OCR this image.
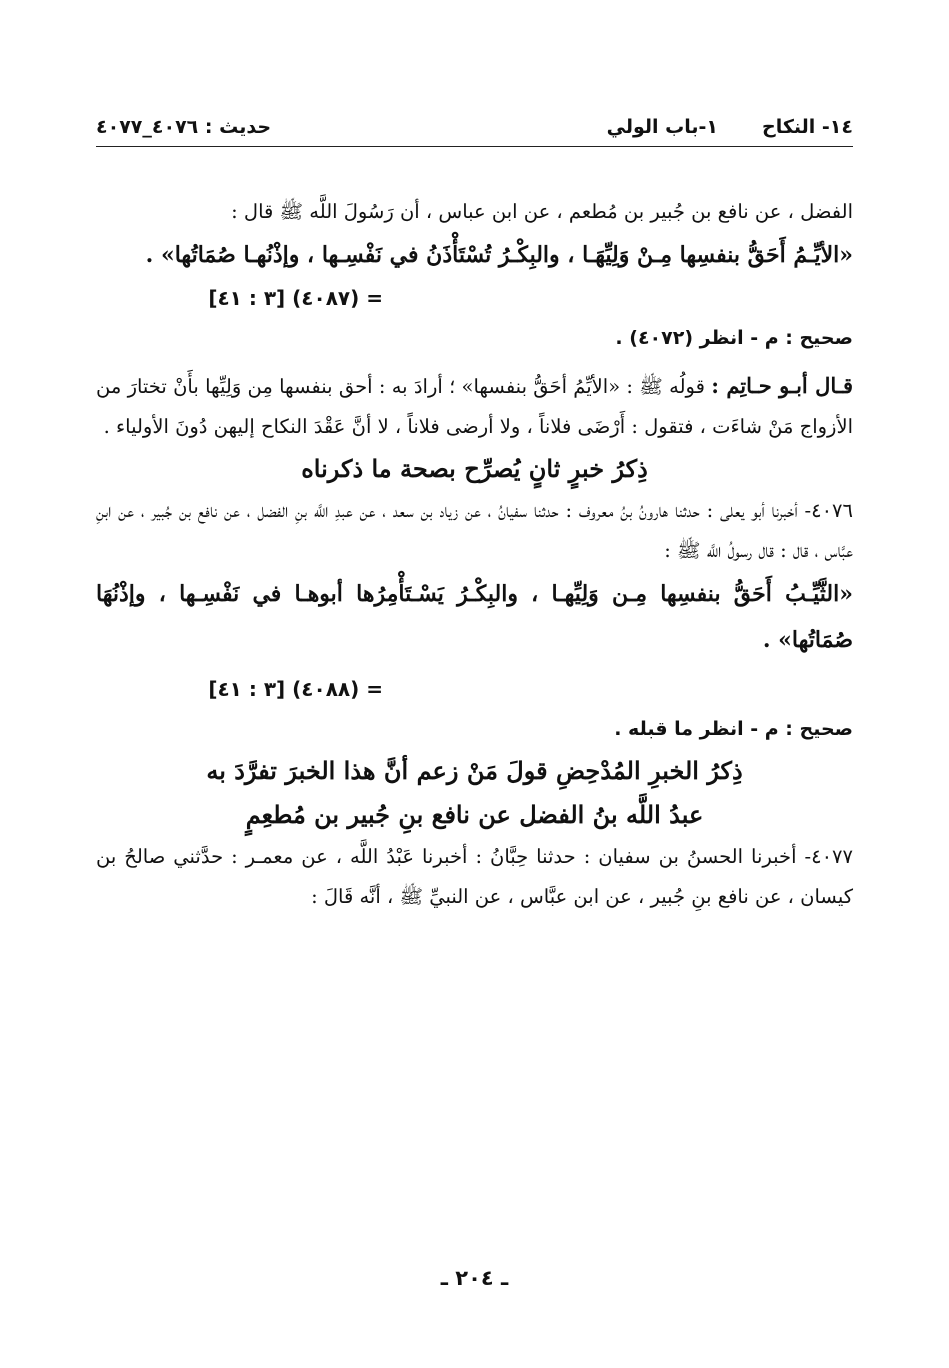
١٤- النكاح١-باب الولي
حديث : ٤٠٧٦_٤٠٧٧

الفضل ، عن نافع بن جُبير بن مُطعم ، عن ابن عباس ، أن رَسُولَ اللَّه ﷺ قال :

«الأيِّـمُ أَحَقُّ بنفسِها مِـنْ وَلِيِّهَـا ، والبِكْـرُ تُسْتَأْذَنُ في نَفْسِـها ، وإذْنُهـا صُمَاتُها» .

= (٤٠٨٧) [٣ : ٤١]

صحيح : م - انظر (٤٠٧٢) .

قـال أبـو حـاتِم : قولُه ﷺ : «الأيِّمُ أحَقُّ بنفسها» ؛ أرادَ به : أحق بنفسها مِن وَلِيِّها بأَنْ تختارَ من الأزواج مَنْ شاءَت ، فتقول : أَرْضَى فلاناً ، ولا أرضى فلاناً ، لا أنَّ عَقْدَ النكاح إليهن دُونَ الأولياء .

ذِكرُ خبرٍ ثانٍ يُصرِّح بصحة ما ذكرناه

٤٠٧٦- أخبرنا أبو يعلى : حدثنا هارونُ بنُ معروف : حدثنا سفيانُ ، عن زياد بن سعد ، عن عبدِ اللَّه بنِ الفضل ، عن نافع بن جُبير ، عن ابنِ عبَّاس ، قال : قال رسولُ اللَّه ﷺ :

«الثَّيِّـبُ أَحَقُّ بنفسِها مِـن وَلِيِّهـا ، والبِكْـرُ يَسْـتَأْمِرُها أبوهـا في نَفْسِـها ، وإذْنُهَا صُمَاتُها» .

= (٤٠٨٨) [٣ : ٤١]

صحيح : م - انظر ما قبله .

ذِكرُ الخبرِ المُدْحِضِ قولَ مَنْ زعم أنَّ هذا الخبرَ تفرَّدَ به

عبدُ اللَّه بنُ الفضل عن نافع بنِ جُبير بن مُطعِمٍ

٤٠٧٧- أخبرنا الحسنُ بن سفيان : حدثنا حِبَّانُ : أخبرنا عَبْدُ اللَّه ، عن معمـر : حدَّثني صالحُ بن كيسان ، عن نافع بنِ جُبير ، عن ابن عبَّاس ، عن النبيِّ ﷺ ، أنَّه قَالَ :

ـ ٢٠٤ ـ
